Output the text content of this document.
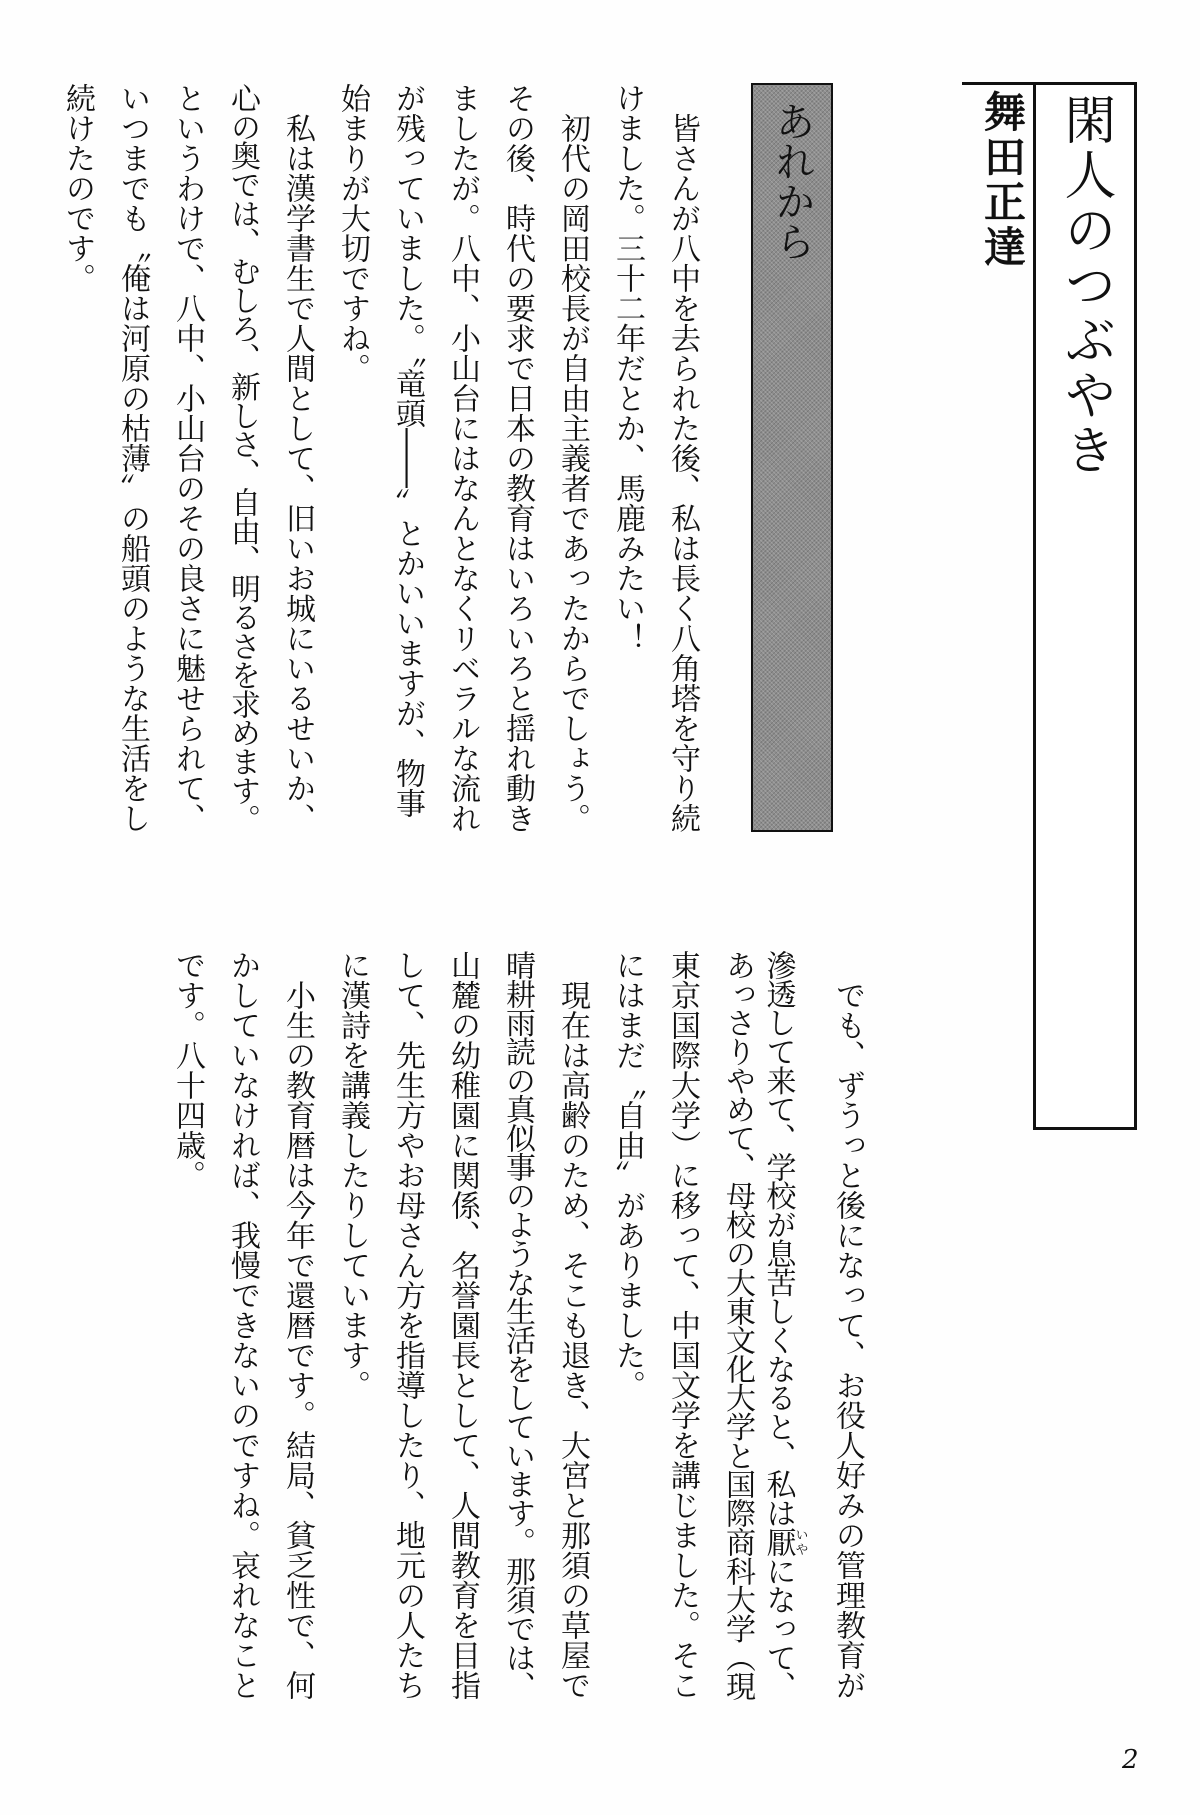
閑人のつぶやき
舞田正達
あれから
　皆さんが八中を去られた後、私は長く八角塔を守り続
けました。三十二年だとか、馬鹿みたい！
　初代の岡田校長が自由主義者であったからでしょう。
その後、時代の要求で日本の教育はいろいろと揺れ動き
ましたが。八中、小山台にはなんとなくリベラルな流れ
が残っていました。〝竜頭――〟とかいいますが、物事
始まりが大切ですね。
　私は漢学書生で人間として、旧いお城にいるせいか、
心の奥では、むしろ、新しさ、自由、明るさを求めます。
というわけで、八中、小山台のその良さに魅せられて、
いつまでも〝俺は河原の枯薄〟の船頭のような生活をし
続けたのです。
　でも、ずうっと後になって、お役人好みの管理教育が
滲透して来て、学校が息苦しくなると、私は厭いやになって、
あっさりやめて、母校の大東文化大学と国際商科大学（現
東京国際大学）に移って、中国文学を講じました。そこ
にはまだ〝自由〟がありました。
　現在は高齢のため、そこも退き、大宮と那須の草屋で
晴耕雨読の真似事のような生活をしています。那須では、
山麓の幼稚園に関係、名誉園長として、人間教育を目指
して、先生方やお母さん方を指導したり、地元の人たち
に漢詩を講義したりしています。
　小生の教育暦は今年で還暦です。結局、貧乏性で、何
かしていなければ、我慢できないのですね。哀れなこと
です。八十四歳。
2
